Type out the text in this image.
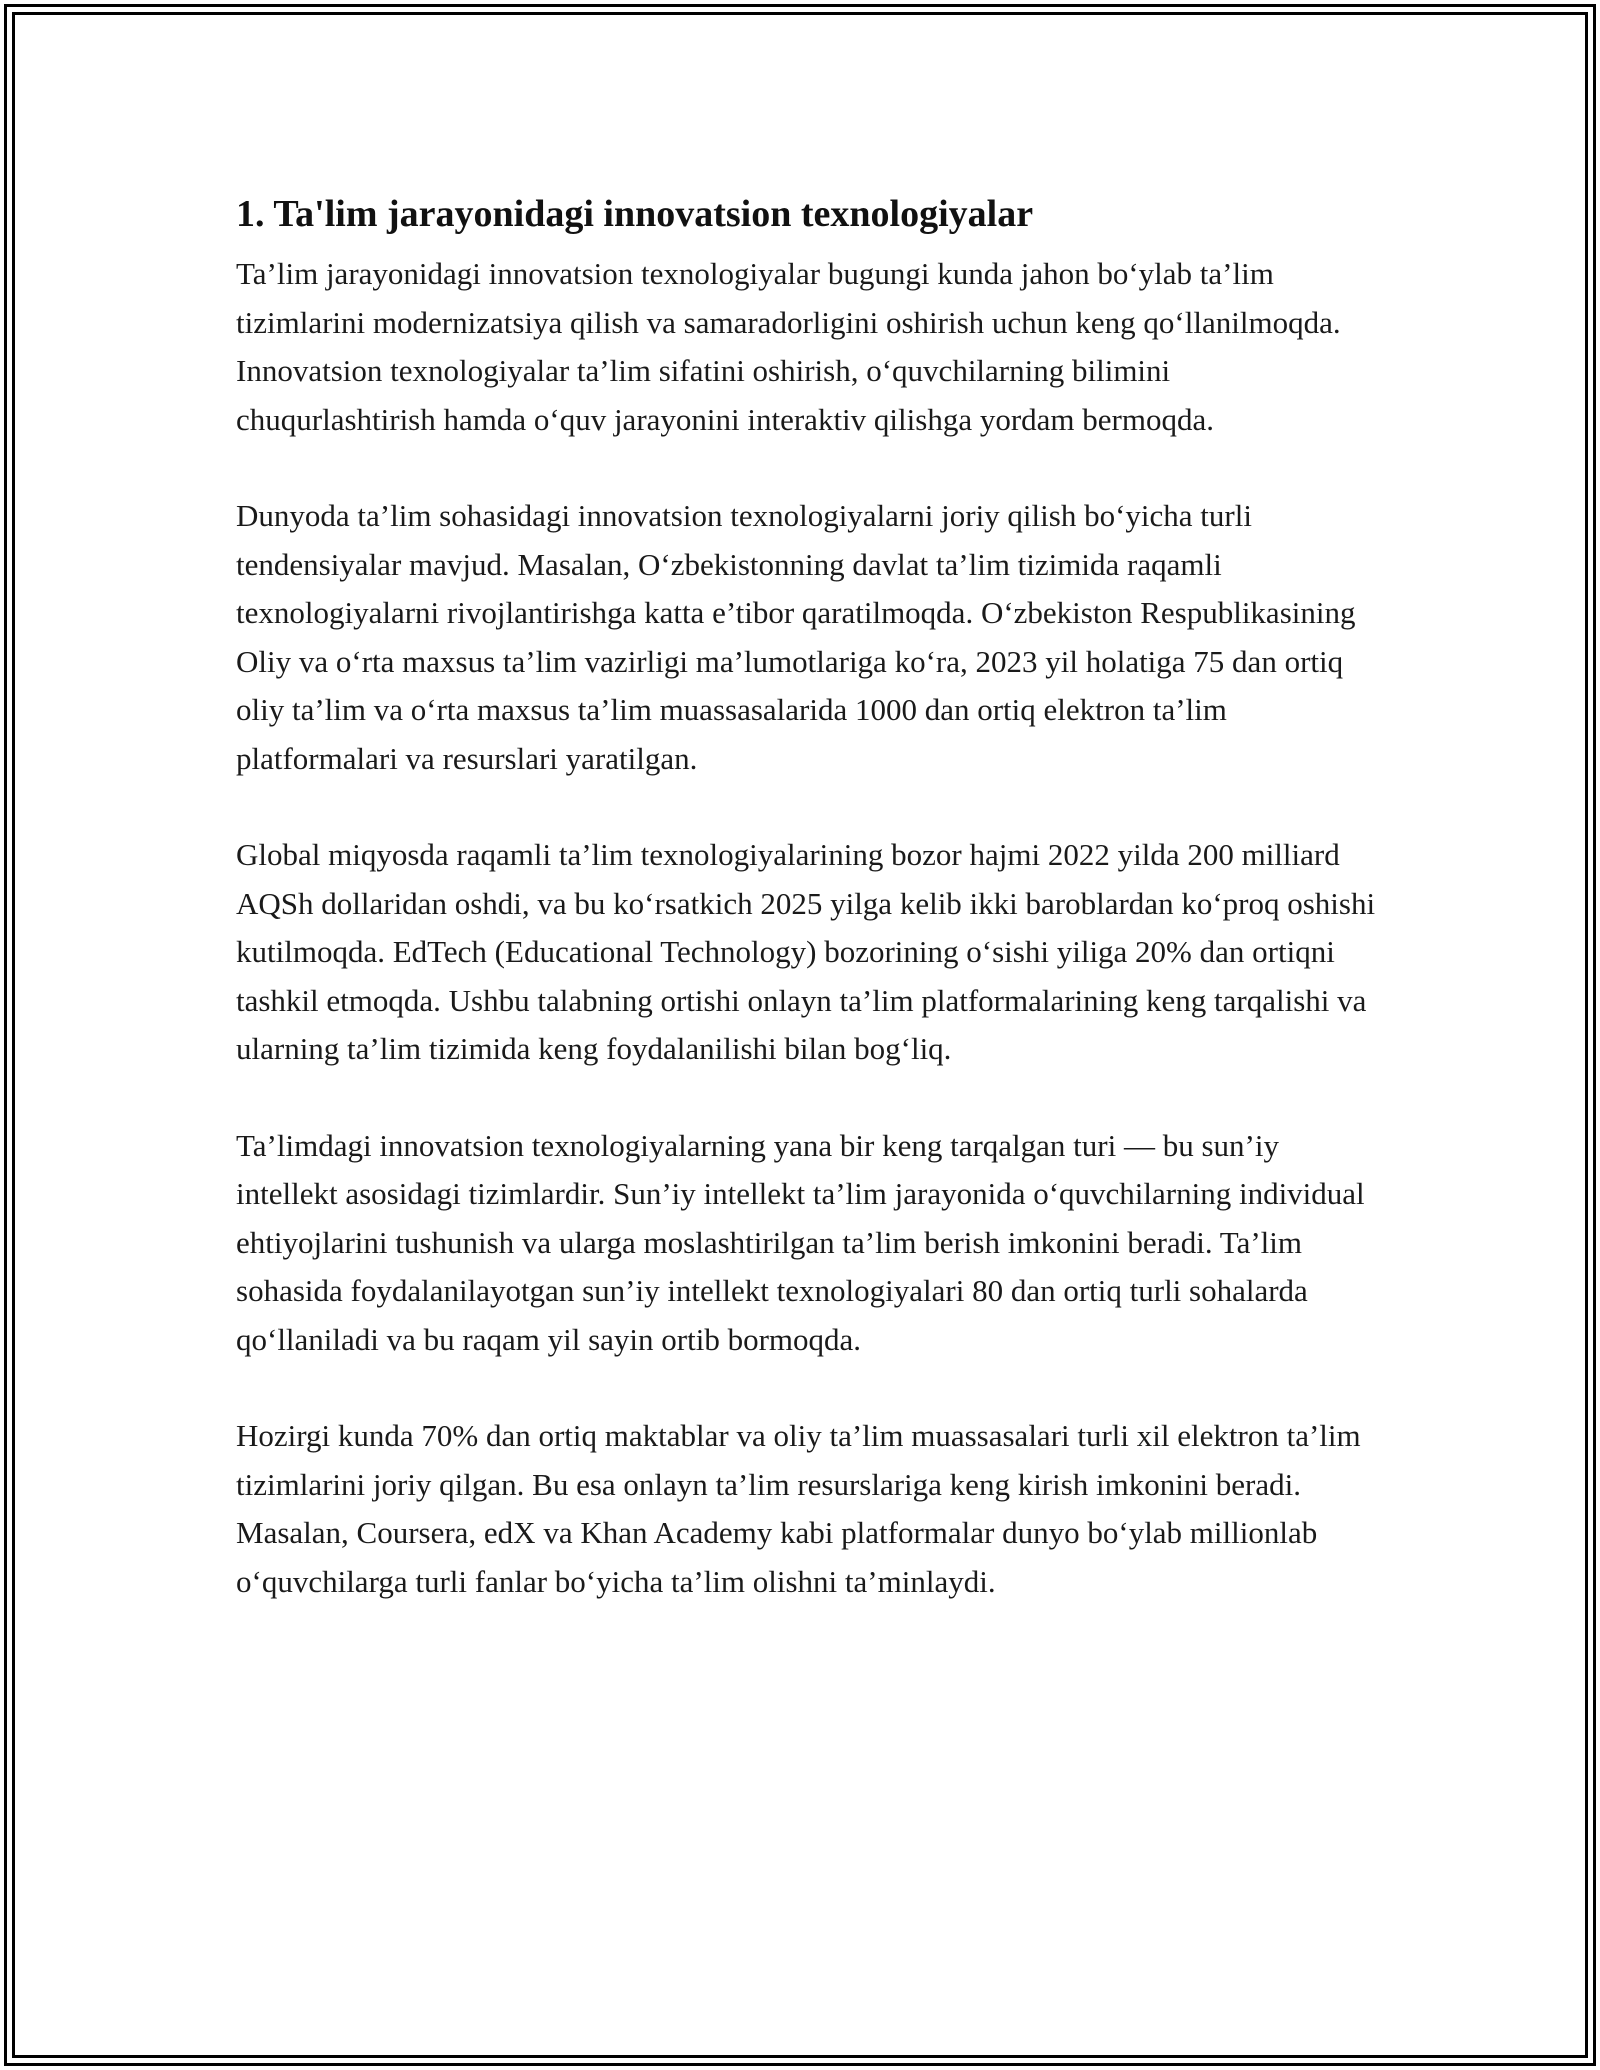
1. Ta'lim jarayonidagi innovatsion texnologiyalar

Ta’lim jarayonidagi innovatsion texnologiyalar bugungi kunda jahon bo‘ylab ta’lim tizimlarini modernizatsiya qilish va samaradorligini oshirish uchun keng qo‘llanilmoqda. Innovatsion texnologiyalar ta’lim sifatini oshirish, o‘quvchilarning bilimini chuqurlashtirish hamda o‘quv jarayonini interaktiv qilishga yordam bermoqda.

Dunyoda ta’lim sohasidagi innovatsion texnologiyalarni joriy qilish bo‘yicha turli tendensiyalar mavjud. Masalan, O‘zbekistonning davlat ta’lim tizimida raqamli texnologiyalarni rivojlantirishga katta e’tibor qaratilmoqda. O‘zbekiston Respublikasining Oliy va o‘rta maxsus ta’lim vazirligi ma’lumotlariga ko‘ra, 2023 yil holatiga 75 dan ortiq oliy ta’lim va o‘rta maxsus ta’lim muassasalarida 1000 dan ortiq elektron ta’lim platformalari va resurslari yaratilgan.

Global miqyosda raqamli ta’lim texnologiyalarining bozor hajmi 2022 yilda 200 milliard AQSh dollaridan oshdi, va bu ko‘rsatkich 2025 yilga kelib ikki baroblardan ko‘proq oshishi kutilmoqda. EdTech (Educational Technology) bozorining o‘sishi yiliga 20% dan ortiqni tashkil etmoqda. Ushbu talabning ortishi onlayn ta’lim platformalarining keng tarqalishi va ularning ta’lim tizimida keng foydalanilishi bilan bog‘liq.

Ta’limdagi innovatsion texnologiyalarning yana bir keng tarqalgan turi — bu sun’iy intellekt asosidagi tizimlardir. Sun’iy intellekt ta’lim jarayonida o‘quvchilarning individual ehtiyojlarini tushunish va ularga moslashtirilgan ta’lim berish imkonini beradi. Ta’lim sohasida foydalanilayotgan sun’iy intellekt texnologiyalari 80 dan ortiq turli sohalarda qo‘llaniladi va bu raqam yil sayin ortib bormoqda.

Hozirgi kunda 70% dan ortiq maktablar va oliy ta’lim muassasalari turli xil elektron ta’lim tizimlarini joriy qilgan. Bu esa onlayn ta’lim resurslariga keng kirish imkonini beradi. Masalan, Coursera, edX va Khan Academy kabi platformalar dunyo bo‘ylab millionlab o‘quvchilarga turli fanlar bo‘yicha ta’lim olishni ta’minlaydi.
